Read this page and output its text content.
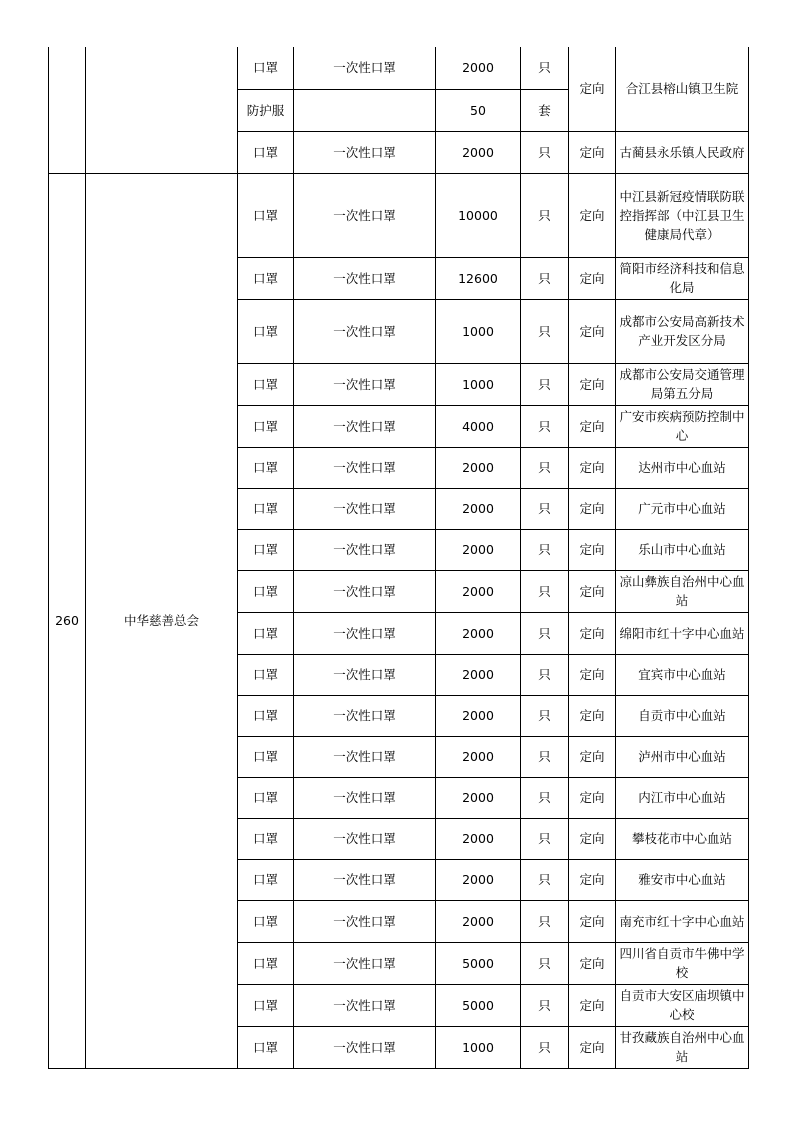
		口罩	一次性口罩	2000	只	定向	合江县榕山镇卫生院
		防护服		50	套		
		口罩	一次性口罩	2000	只	定向	古蔺县永乐镇人民政府
260	中华慈善总会	口罩	一次性口罩	10000	只	定向	中江县新冠疫情联防联控指挥部（中江县卫生健康局代章）
		口罩	一次性口罩	12600	只	定向	简阳市经济科技和信息化局
		口罩	一次性口罩	1000	只	定向	成都市公安局高新技术产业开发区分局
		口罩	一次性口罩	1000	只	定向	成都市公安局交通管理局第五分局
		口罩	一次性口罩	4000	只	定向	广安市疾病预防控制中心
		口罩	一次性口罩	2000	只	定向	达州市中心血站
		口罩	一次性口罩	2000	只	定向	广元市中心血站
		口罩	一次性口罩	2000	只	定向	乐山市中心血站
		口罩	一次性口罩	2000	只	定向	凉山彝族自治州中心血站
		口罩	一次性口罩	2000	只	定向	绵阳市红十字中心血站
		口罩	一次性口罩	2000	只	定向	宜宾市中心血站
		口罩	一次性口罩	2000	只	定向	自贡市中心血站
		口罩	一次性口罩	2000	只	定向	泸州市中心血站
		口罩	一次性口罩	2000	只	定向	内江市中心血站
		口罩	一次性口罩	2000	只	定向	攀枝花市中心血站
		口罩	一次性口罩	2000	只	定向	雅安市中心血站
		口罩	一次性口罩	2000	只	定向	南充市红十字中心血站
		口罩	一次性口罩	5000	只	定向	四川省自贡市牛佛中学校
		口罩	一次性口罩	5000	只	定向	自贡市大安区庙坝镇中心校
		口罩	一次性口罩	1000	只	定向	甘孜藏族自治州中心血站
